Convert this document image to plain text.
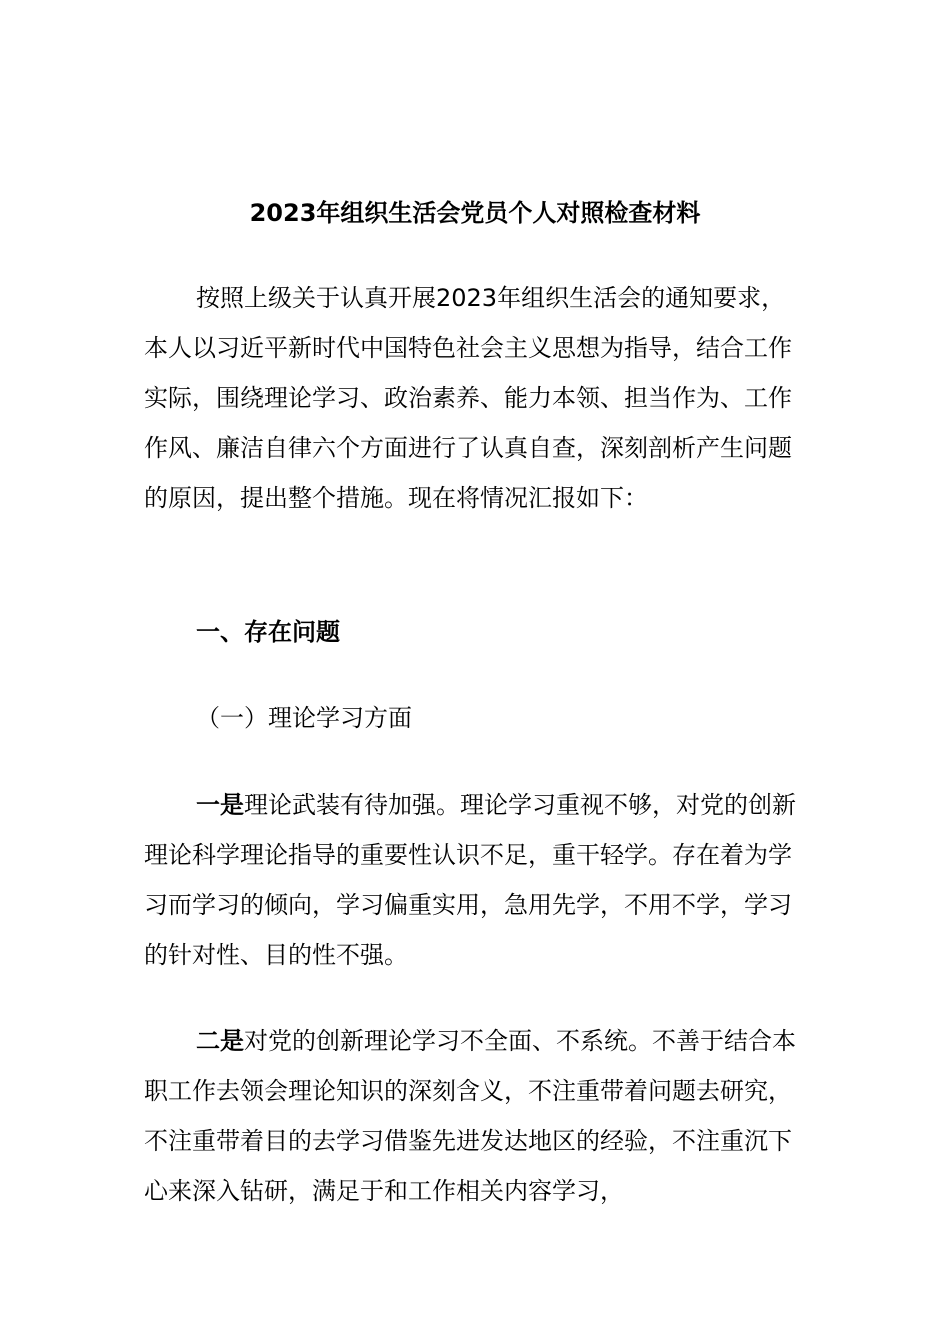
2023年组织生活会党员个人对照检查材料

按照上级关于认真开展2023年组织生活会的通知要求，本人以习近平新时代中国特色社会主义思想为指导，结合工作实际，围绕理论学习、政治素养、能力本领、担当作为、工作作风、廉洁自律六个方面进行了认真自查，深刻剖析产生问题的原因，提出整个措施。现在将情况汇报如下：

一、存在问题

（一）理论学习方面

一是理论武装有待加强。理论学习重视不够，对党的创新理论科学理论指导的重要性认识不足，重干轻学。存在着为学习而学习的倾向，学习偏重实用，急用先学，不用不学，学习的针对性、目的性不强。

二是对党的创新理论学习不全面、不系统。不善于结合本职工作去领会理论知识的深刻含义，不注重带着问题去研究，不注重带着目的去学习借鉴先进发达地区的经验，不注重沉下心来深入钻研，满足于和工作相关内容学习，
